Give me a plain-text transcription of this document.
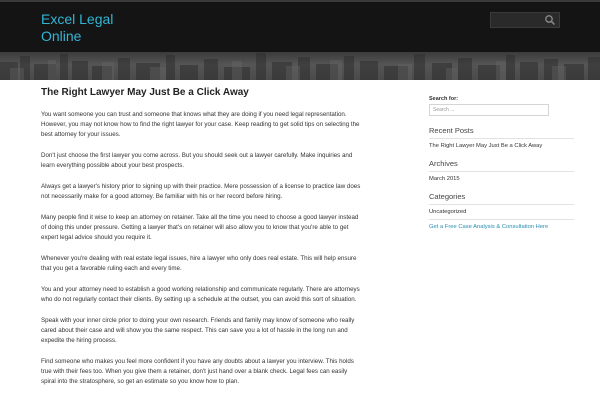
Excel Legal Online
The Right Lawyer May Just Be a Click Away

You want someone you can trust and someone that knows what they are doing if you need legal representation. However, you may not know how to find the right lawyer for your case. Keep reading to get solid tips on selecting the best attorney for your issues.

Don't just choose the first lawyer you come across. But you should seek out a lawyer carefully. Make inquiries and learn everything possible about your best prospects.

Always get a lawyer's history prior to signing up with their practice. Mere possession of a license to practice law does not necessarily make for a good attorney. Be familiar with his or her record before hiring.

Many people find it wise to keep an attorney on retainer. Take all the time you need to choose a good lawyer instead of doing this under pressure. Getting a lawyer that's on retainer will also allow you to know that you're able to get expert legal advice should you require it.

Whenever you're dealing with real estate legal issues, hire a lawyer who only does real estate. This will help ensure that you get a favorable ruling each and every time.

You and your attorney need to establish a good working relationship and communicate regularly. There are attorneys who do not regularly contact their clients. By setting up a schedule at the outset, you can avoid this sort of situation.

Speak with your inner circle prior to doing your own research. Friends and family may know of someone who really cared about their case and will show you the same respect. This can save you a lot of hassle in the long run and expedite the hiring process.

Find someone who makes you feel more confident if you have any doubts about a lawyer you interview. This holds true with their fees too. When you give them a retainer, don't just hand over a blank check. Legal fees can easily spiral into the stratosphere, so get an estimate so you know how to plan.

Search for:
Search ...
Recent Posts
The Right Lawyer May Just Be a Click Away
Archives
March 2015
Categories
Uncategorized
Get a Free Case Analysis & Consultation Here
